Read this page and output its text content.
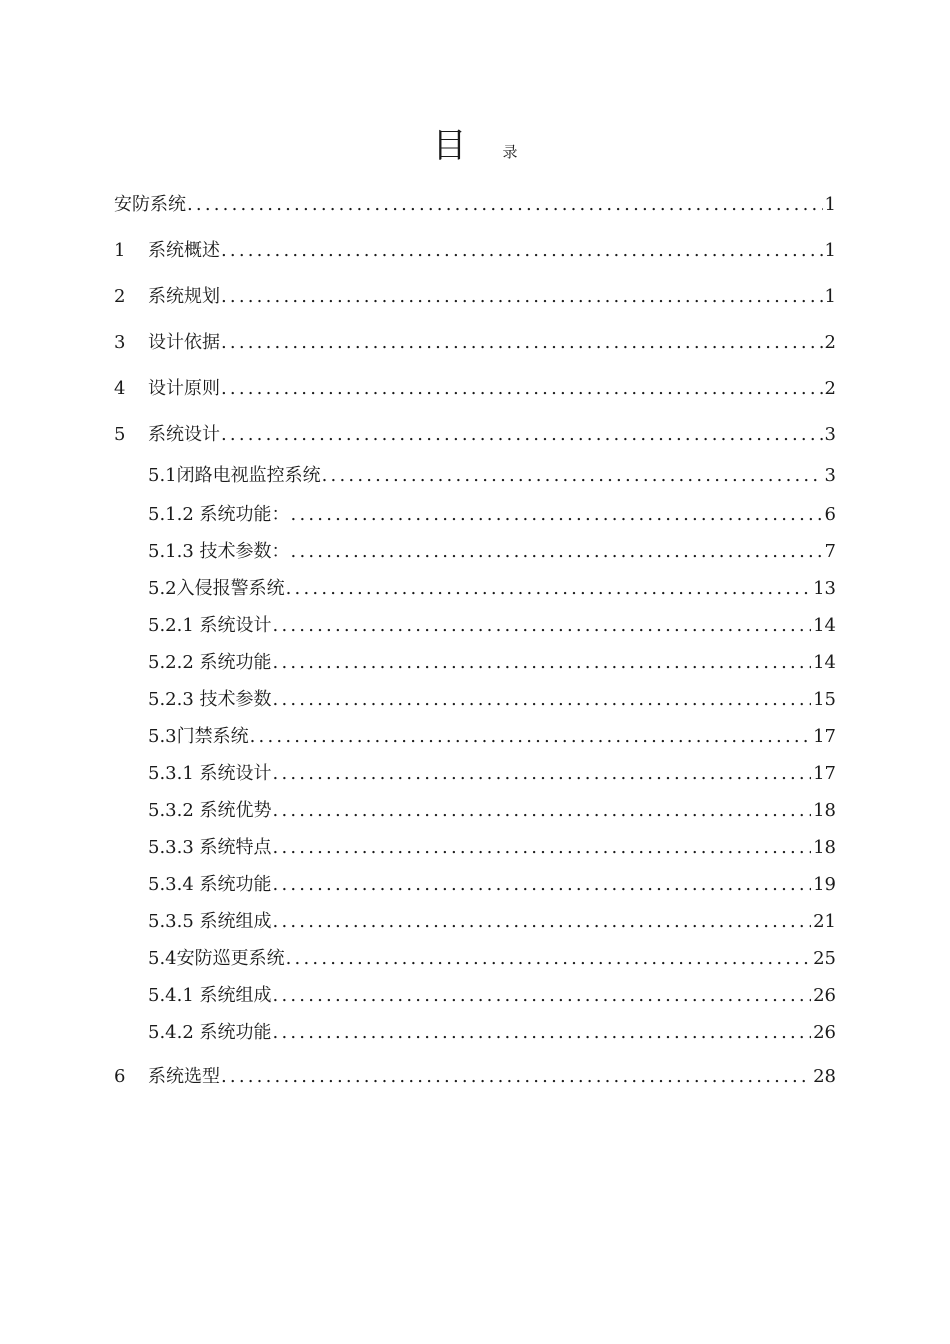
目 录
安防系统 .....	1
1	系统概述 .....	1
2	系统规划 .....	1
3	设计依据 .....	2
4	设计原则 .....	2
5	系统设计 .....	3
5.1闭路电视监控系统 .....	3
5.1.2 系统功能： .....	6
5.1.3 技术参数： .....	7
5.2入侵报警系统 .....	13
5.2.1 系统设计 .....	14
5.2.2 系统功能 .....	14
5.2.3 技术参数 .....	15
5.3门禁系统 .....	17
5.3.1 系统设计 .....	17
5.3.2 系统优势 .....	18
5.3.3 系统特点 .....	18
5.3.4 系统功能 .....	19
5.3.5 系统组成 .....	21
5.4安防巡更系统 .....	25
5.4.1 系统组成 .....	26
5.4.2 系统功能 .....	26
6	系统选型 .....	28
